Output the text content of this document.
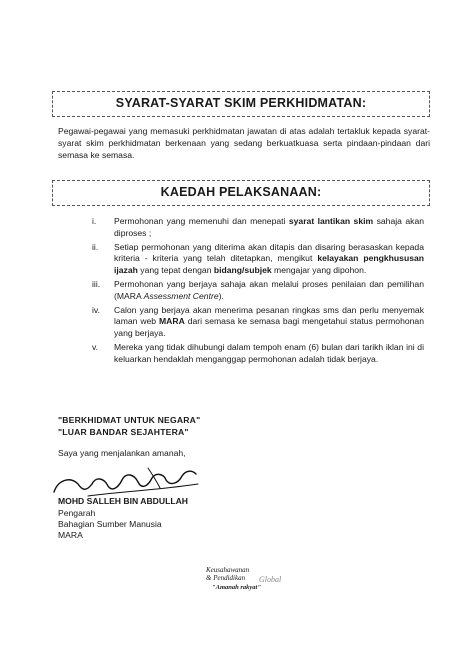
SYARAT-SYARAT SKIM PERKHIDMATAN:
Pegawai-pegawai yang memasuki perkhidmatan jawatan di atas adalah tertakluk kepada syarat-syarat skim perkhidmatan berkenaan yang sedang berkuatkuasa serta pindaan-pindaan dari semasa ke semasa.
KAEDAH PELAKSANAAN:
i.	Permohonan yang memenuhi dan menepati syarat lantikan skim sahaja akan diproses ;
ii.	Setiap permohonan yang diterima akan ditapis dan disaring berasaskan kepada kriteria - kriteria yang telah ditetapkan, mengikut kelayakan pengkhususan ijazah yang tepat dengan bidang/subjek mengajar yang dipohon.
iii.	Permohonan yang berjaya sahaja akan melalui proses penilaian dan pemilihan (MARA Assessment Centre).
iv.	Calon yang berjaya akan menerima pesanan ringkas sms dan perlu menyemak laman web MARA dari semasa ke semasa bagi mengetahui status permohonan yang berjaya.
v.	Mereka yang tidak dihubungi dalam tempoh enam (6) bulan dari tarikh iklan ini di keluarkan hendaklah menganggap permohonan adalah tidak berjaya.
"BERKHIDMAT UNTUK NEGARA"
"LUAR BANDAR SEJAHTERA"
Saya yang menjalankan amanah,
MOHD SALLEH BIN ABDULLAH
Pengarah
Bahagian Sumber Manusia
MARA
Keusahawanan
& Pendidikan Global
"Amanah rakyat"
